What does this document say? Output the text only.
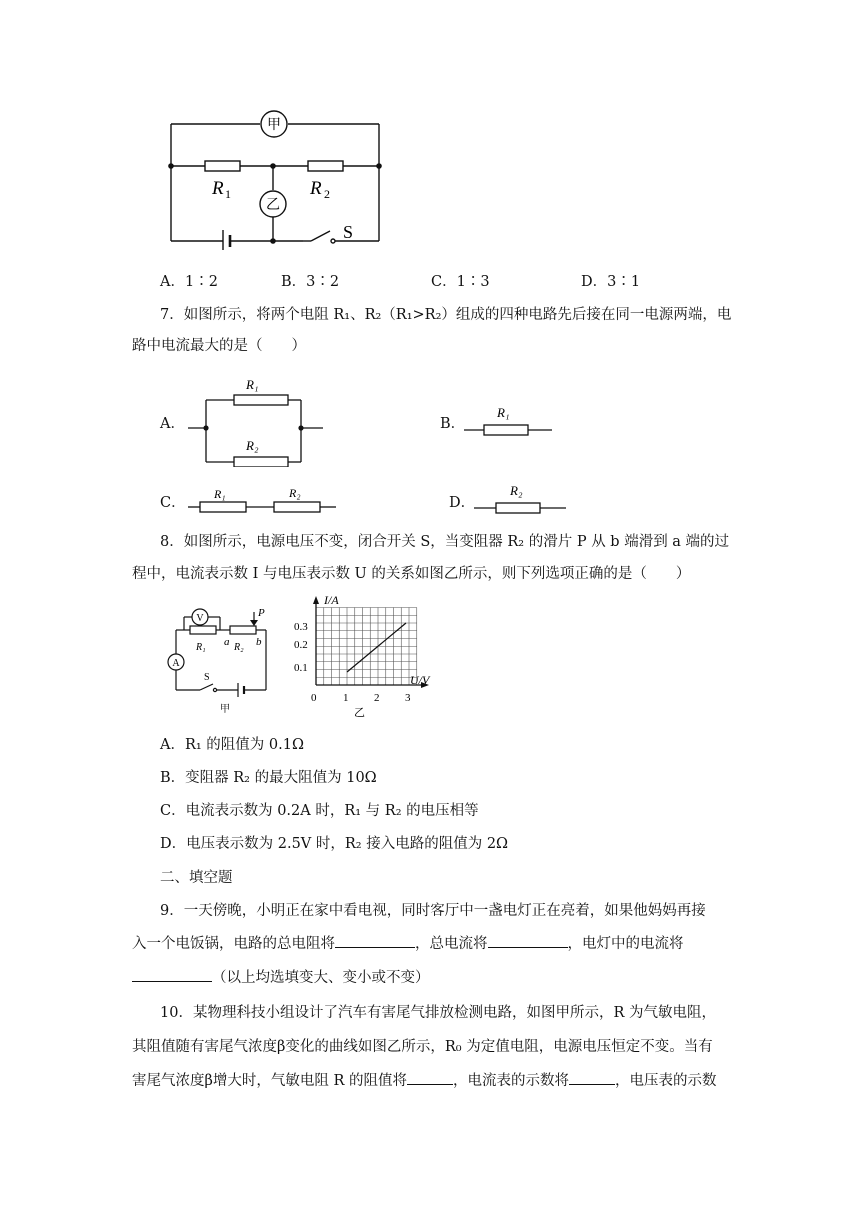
甲
乙
R 1	R 2
S
A．1∶2	B．3∶2	C．1∶3	D．3∶1
7．如图所示，将两个电阻 R₁、R₂（R₁>R₂）组成的四种电路先后接在同一电源两端，电
路中电流最大的是（　　）
A．
R₁
R₂
B．
R₁
C．
R₁	R₂
D．
R₂
8．如图所示，电源电压不变，闭合开关 S，当变阻器 R₂ 的滑片 P 从 b 端滑到 a 端的过
程中，电流表示数 I 与电压表示数 U 的关系如图乙所示，则下列选项正确的是（　　）
V
A
P
a b
R₁	R₂
S
甲
I/A
U/V
0.3
0.2
0.1
0 1 2 3
乙
A．R₁ 的阻值为 0.1Ω
B．变阻器 R₂ 的最大阻值为 10Ω
C．电流表示数为 0.2A 时，R₁ 与 R₂ 的电压相等
D．电压表示数为 2.5V 时，R₂ 接入电路的阻值为 2Ω
二、填空题
9．一天傍晚，小明正在家中看电视，同时客厅中一盏电灯正在亮着，如果他妈妈再接
入一个电饭锅，电路的总电阻将	，总电流将	，电灯中的电流将
（以上均选填变大、变小或不变）
10．某物理科技小组设计了汽车有害尾气排放检测电路，如图甲所示，R 为气敏电阻，
其阻值随有害尾气浓度β变化的曲线如图乙所示，R₀ 为定值电阻，电源电压恒定不变。当有
害尾气浓度β增大时，气敏电阻 R 的阻值将	，电流表的示数将	，电压表的示数
